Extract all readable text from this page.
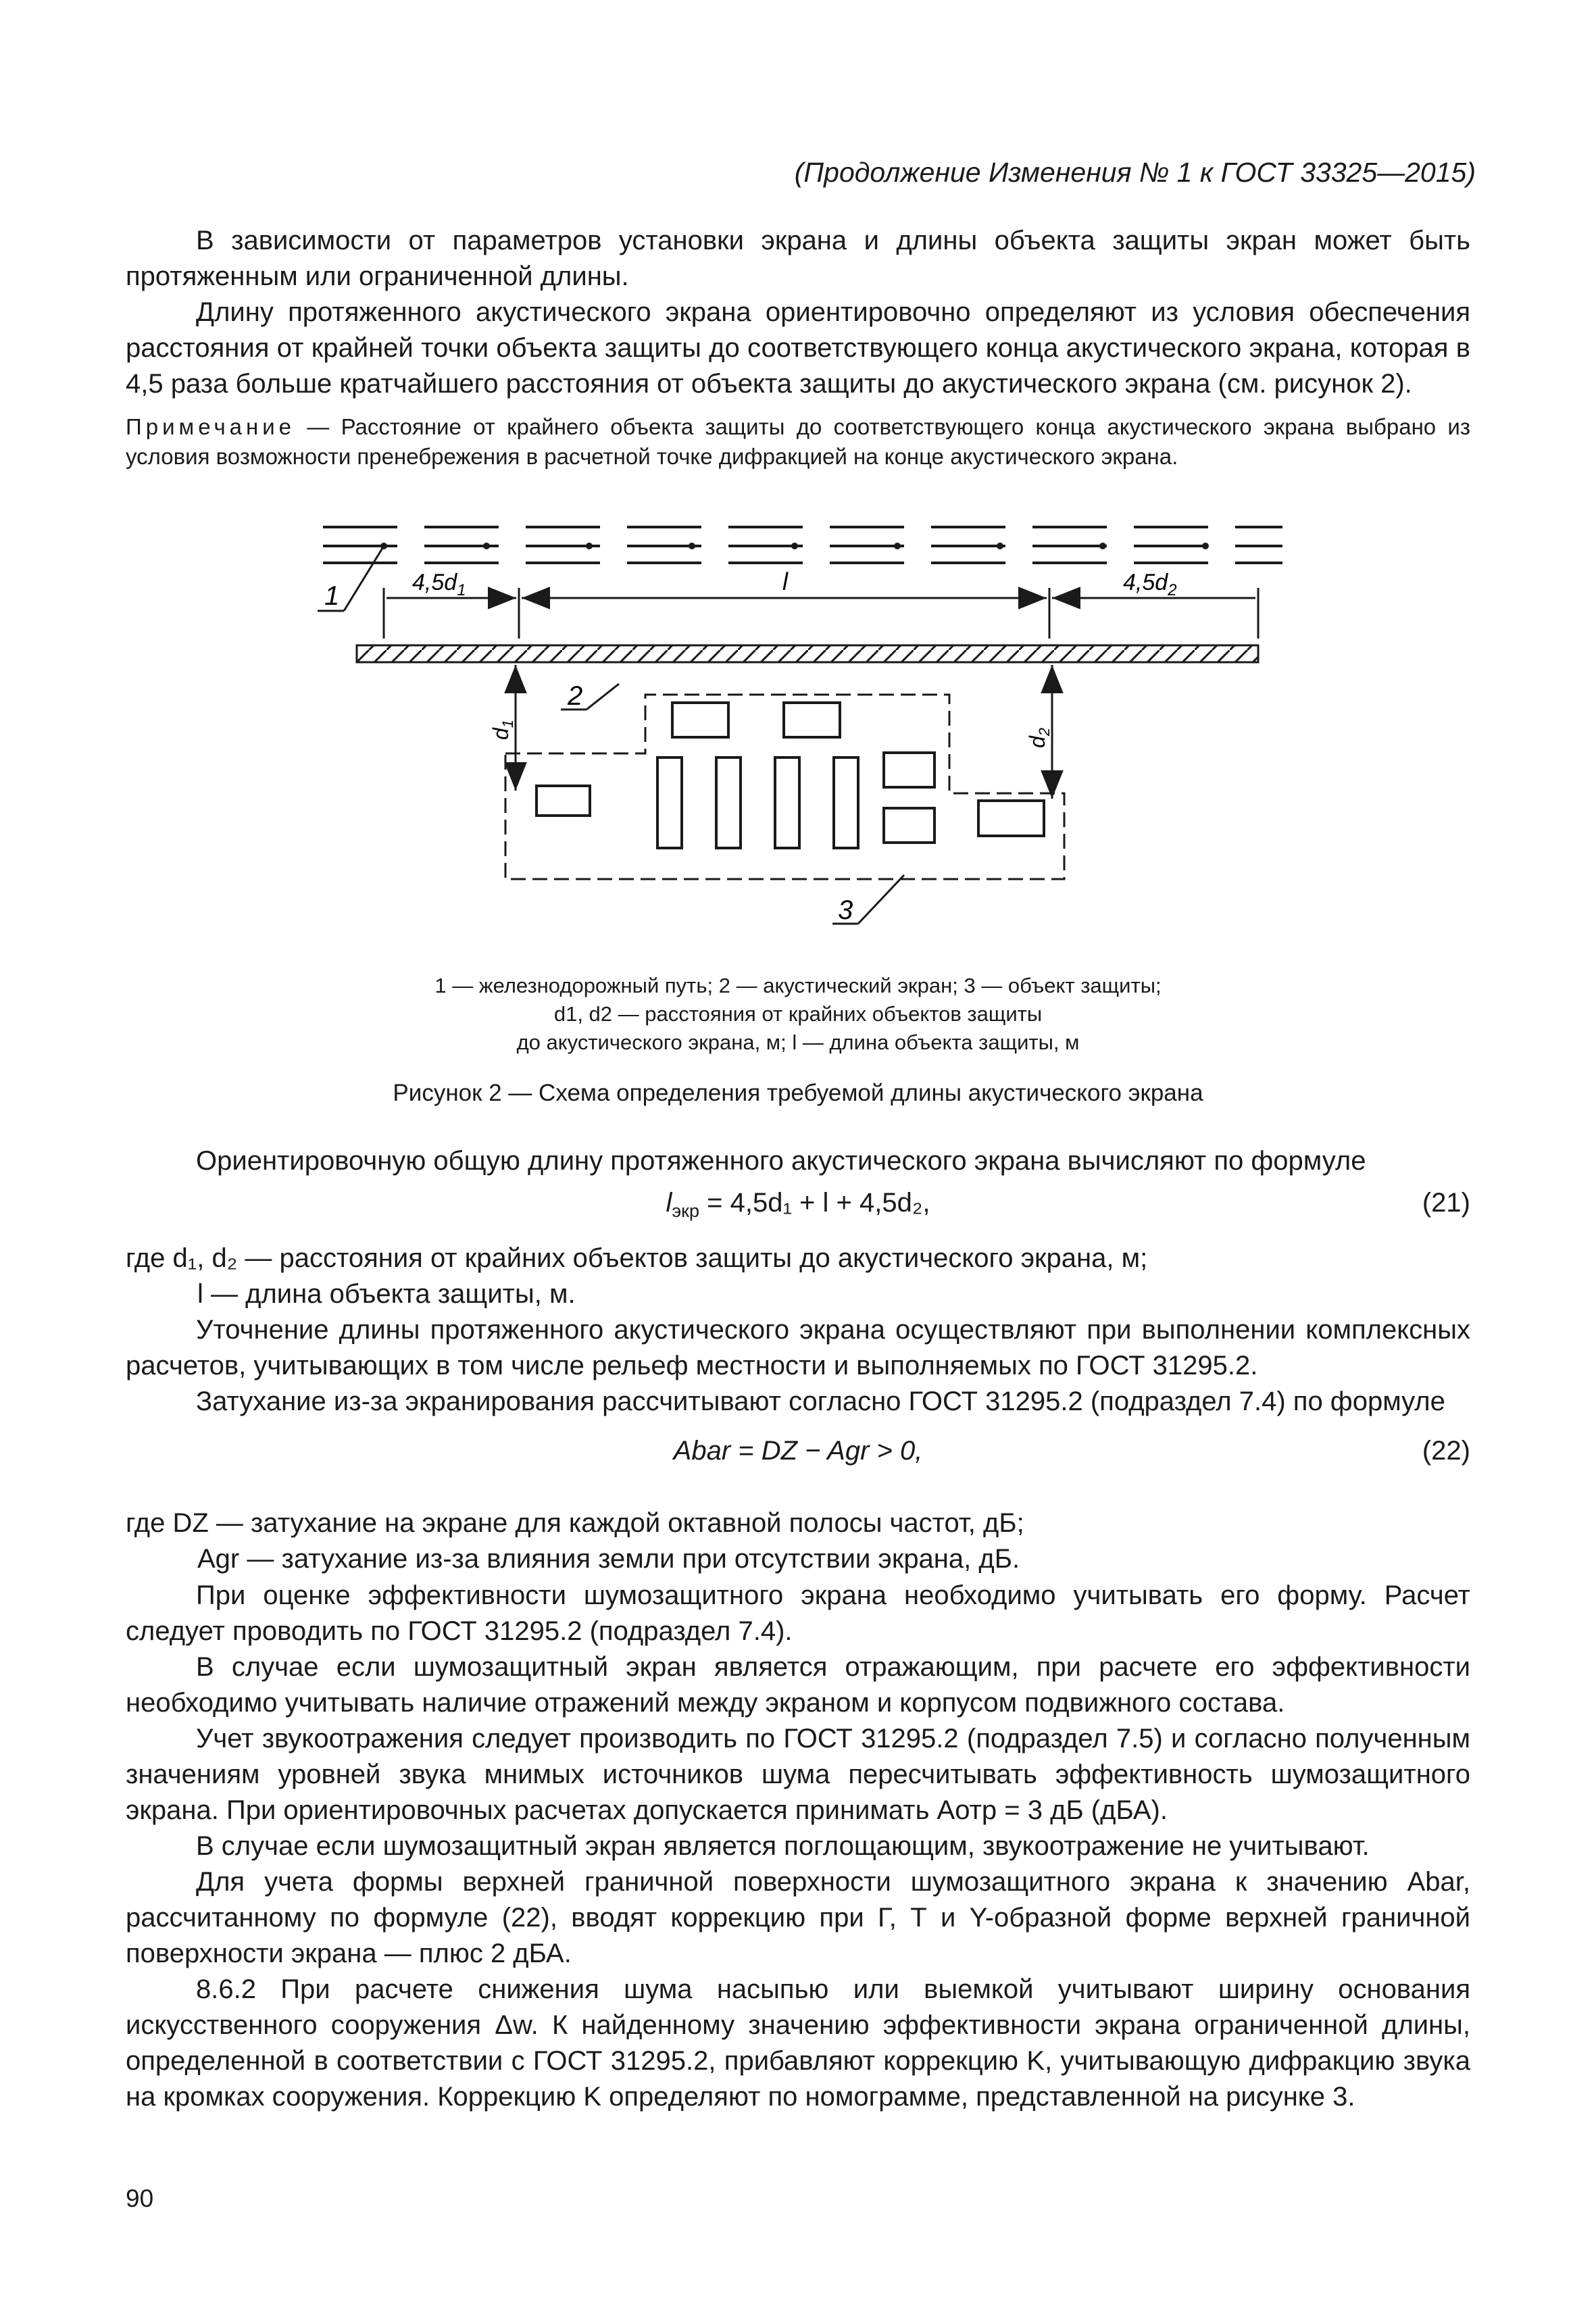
(Продолжение Изменения № 1 к ГОСТ 33325—2015)

В зависимости от параметров установки экрана и длины объекта защиты экран может быть протяженным или ограниченной длины.

Длину протяженного акустического экрана ориентировочно определяют из условия обеспечения расстояния от крайней точки объекта защиты до соответствующего конца акустического экрана, которая в 4,5 раза больше кратчайшего расстояния от объекта защиты до акустического экрана (см. рисунок 2).

Примечание — Расстояние от крайнего объекта защиты до соответствующего конца акустического экрана выбрано из условия возможности пренебрежения в расчетной точке дифракцией на конце акустического экрана.

1	$4,5d_1$	l	$4,5d_2$
2
$d_1$
$d_2$
3
1 — железнодорожный путь; 2 — акустический экран; 3 — объект защиты;
d1, d2 — расстояния от крайних объектов защиты
до акустического экрана, м; l — длина объекта защиты, м
Рисунок 2 — Схема определения требуемой длины акустического экрана

Ориентировочную общую длину протяженного акустического экрана вычисляют по формуле

$l_{экр} = 4,5d_1 + l + 4,5d_2$,	(21)
где d₁, d₂ — расстояния от крайних объектов защиты до акустического экрана, м;
l — длина объекта защиты, м.

Уточнение длины протяженного акустического экрана осуществляют при выполнении комплексных расчетов, учитывающих в том числе рельеф местности и выполняемых по ГОСТ 31295.2.

Затухание из-за экранирования рассчитывают согласно ГОСТ 31295.2 (подраздел 7.4) по формуле

Abar = DZ − Agr > 0,	(22)
где DZ — затухание на экране для каждой октавной полосы частот, дБ;
Agr — затухание из-за влияния земли при отсутствии экрана, дБ.

При оценке эффективности шумозащитного экрана необходимо учитывать его форму. Расчет следует проводить по ГОСТ 31295.2 (подраздел 7.4).

В случае если шумозащитный экран является отражающим, при расчете его эффективности необходимо учитывать наличие отражений между экраном и корпусом подвижного состава.

Учет звукоотражения следует производить по ГОСТ 31295.2 (подраздел 7.5) и согласно полученным значениям уровней звука мнимых источников шума пересчитывать эффективность шумозащитного экрана. При ориентировочных расчетах допускается принимать Aотр = 3 дБ (дБА).

В случае если шумозащитный экран является поглощающим, звукоотражение не учитывают.

Для учета формы верхней граничной поверхности шумозащитного экрана к значению Abar, рассчитанному по формуле (22), вводят коррекцию при Г, Т и Y-образной форме верхней граничной поверхности экрана — плюс 2 дБА.

8.6.2 При расчете снижения шума насыпью или выемкой учитывают ширину основания искусственного сооружения Δw. К найденному значению эффективности экрана ограниченной длины, определенной в соответствии с ГОСТ 31295.2, прибавляют коррекцию K, учитывающую дифракцию звука на кромках сооружения. Коррекцию K определяют по номограмме, представленной на рисунке 3.

90
